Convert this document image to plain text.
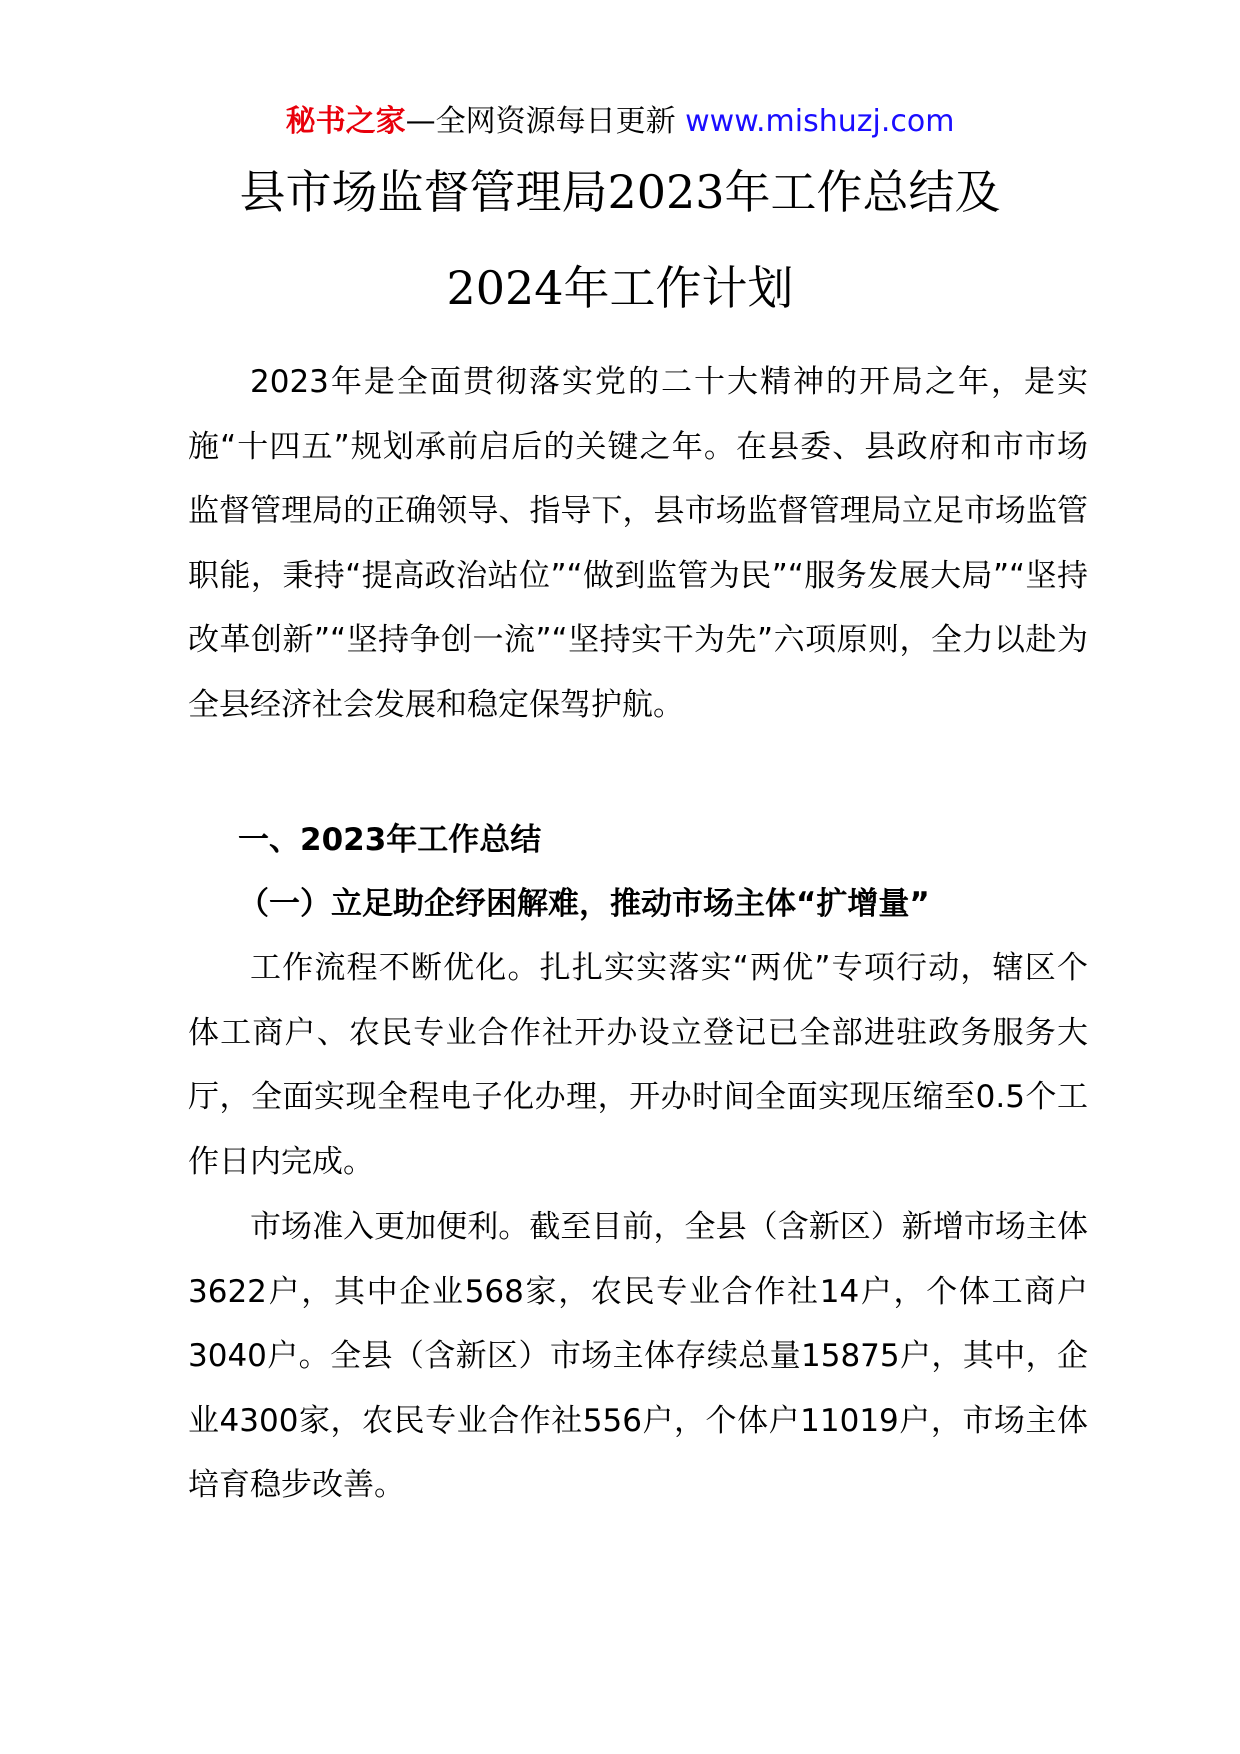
秘书之家—全网资源每日更新 www.mishuzj.com
县市场监督管理局2023年工作总结及
2024年工作计划

2023年是全面贯彻落实党的二十大精神的开局之年，是实施“十四五”规划承前启后的关键之年。在县委、县政府和市市场监督管理局的正确领导、指导下，县市场监督管理局立足市场监管职能，秉持“提高政治站位”“做到监管为民”“服务发展大局”“坚持改革创新”“坚持争创一流”“坚持实干为先”六项原则，全力以赴为全县经济社会发展和稳定保驾护航。

一、2023年工作总结
（一）立足助企纾困解难，推动市场主体“扩增量”

工作流程不断优化。扎扎实实落实“两优”专项行动，辖区个体工商户、农民专业合作社开办设立登记已全部进驻政务服务大厅，全面实现全程电子化办理，开办时间全面实现压缩至0.5个工作日内完成。

市场准入更加便利。截至目前，全县（含新区）新增市场主体3622户，其中企业568家，农民专业合作社14户，个体工商户3040户。全县（含新区）市场主体存续总量15875户，其中，企业4300家，农民专业合作社556户，个体户11019户，市场主体培育稳步改善。
